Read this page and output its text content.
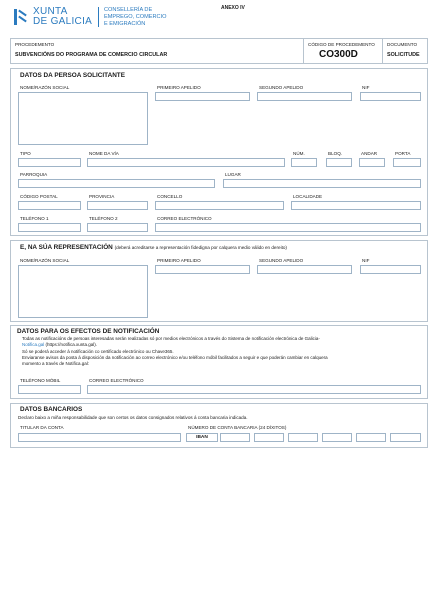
XUNTA
DE GALICIA
CONSELLERÍA DE
EMPREGO, COMERCIO
E EMIGRACIÓN
ANEXO IV
PROCEDEMENTO
SUBVENCIÓNS DO PROGRAMA DE COMERCIO CIRCULAR
CÓDIGO DE PROCEDEMENTO
CO300D
DOCUMENTO
SOLICITUDE
DATOS DA PERSOA SOLICITANTE
NOME/RAZÓN SOCIAL	PRIMEIRO APELIDO	SEGUNDO APELIDO	NIF
TIPO	NOME DA VÍA	NÚM.	BLOQ.	ANDAR	PORTA
PARROQUIA	LUGAR
CÓDIGO POSTAL	PROVINCIA	CONCELLO	LOCALIDADE
TELÉFONO 1	TELÉFONO 2	CORREO ELECTRÓNICO
E, NA SÚA REPRESENTACIÓN (deberá acreditarse a representación fidedigna por calquera medio válido en dereito)
NOME/RAZÓN SOCIAL	PRIMEIRO APELIDO	SEGUNDO APELIDO	NIF
DATOS PARA OS EFECTOS DE NOTIFICACIÓN
Todas as notificacións de persoas interesadas serán realizadas só por medios electrónicos a través do Sistema de notificación electrónica de Galicia-
Notifica.gal (https://notifica.xunta.gal).
Só se poderá acceder á notificación co certificado electrónico ou Chave365.
Enviaranse avisos da posta á disposición da notificación ao correo electrónico e/ou teléfono móbil facilitados a seguir e que poderán cambiar en calquera
momento a través de Notifica.gal:
TELÉFONO MÓBIL	CORREO ELECTRÓNICO
DATOS BANCARIOS
Declaro baixo a miña responsabilidade que son certos os datos consignados relativos á conta bancaria indicada.
TITULAR DA CONTA	NÚMERO DE CONTA BANCARIA (24 DÍXITOS)
IBAN
